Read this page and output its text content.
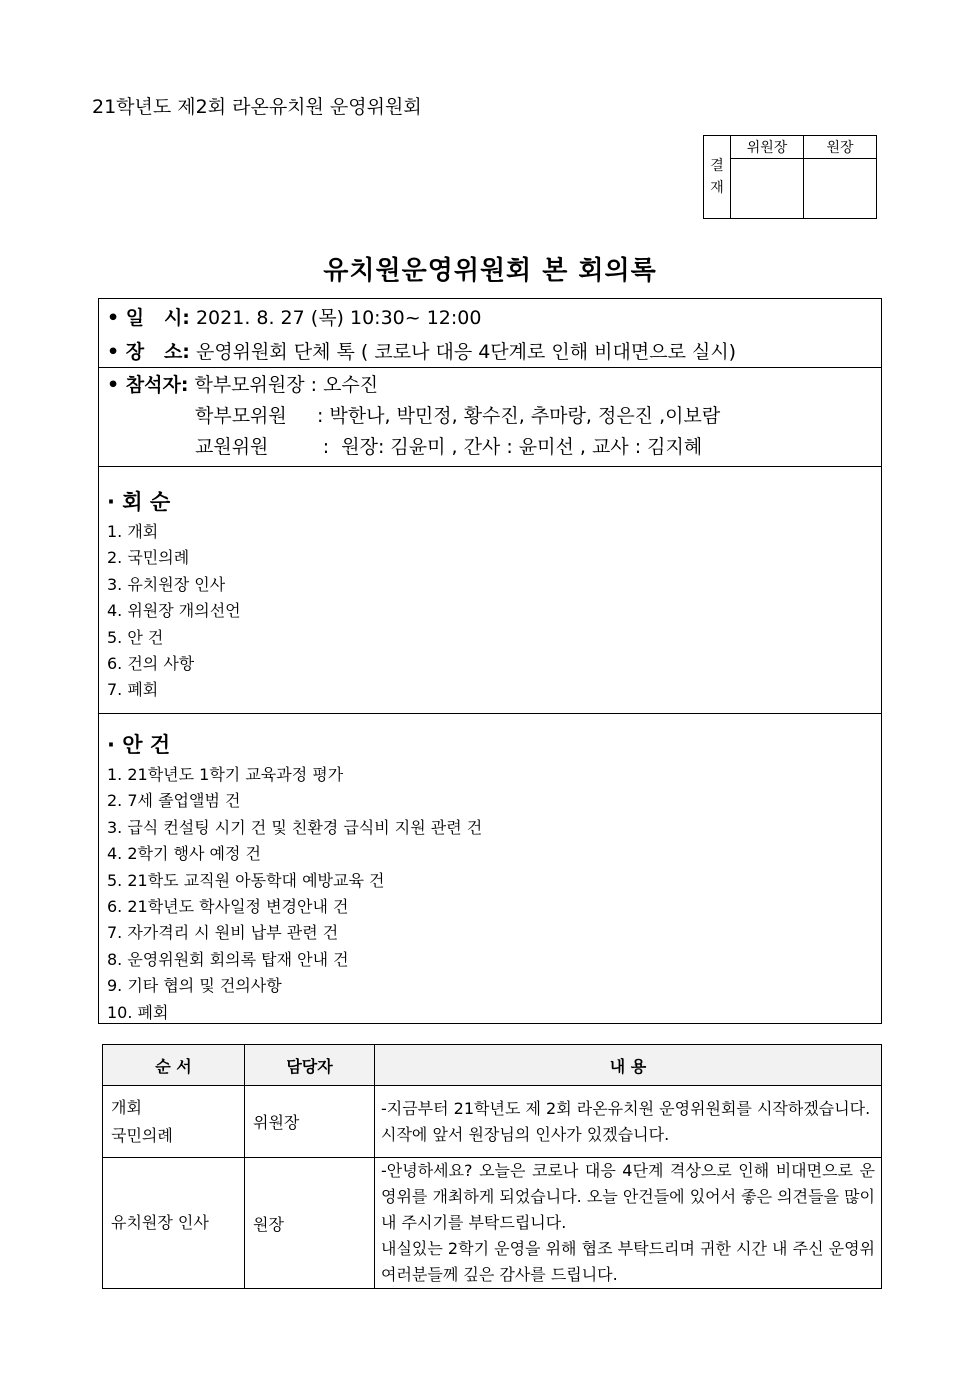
21학년도 제2회 라온유치원 운영위원회
결
재	위원장	원장

유치원운영위원회 본 회의록
• 일   시: 2021. 8. 27 (목) 10:30~ 12:00
• 장   소: 운영위원회 단체 톡 ( 코로나 대응 4단계로 인해 비대면으로 실시)
• 참석자: 학부모위원장 : 오수진
학부모위원     : 박한나, 박민정, 황수진, 추마랑, 정은진 ,이보람
교원위원         :  원장: 김윤미 , 간사 : 윤미선 , 교사 : 김지혜
· 회 순
1. 개회
2. 국민의례
3. 유치원장 인사
4. 위원장 개의선언
5. 안 건
6. 건의 사항
7. 폐회
· 안 건
1. 21학년도 1학기 교육과정 평가
2. 7세 졸업앨범 건
3. 급식 컨설팅 시기 건 및 친환경 급식비 지원 관련 건
4. 2학기 행사 예정 건
5. 21학도 교직원 아동학대 예방교육 건
6. 21학년도 학사일정 변경안내 건
7. 자가격리 시 원비 납부 관련 건
8. 운영위원회 회의록 탑재 안내 건
9. 기타 협의 및 건의사항
10. 폐회
순 서	담당자	내 용

개회
국민의례	위원장	-지금부터 21학년도 제 2회 라온유치원 운영위원회를 시작하겠습니다.
시작에 앞서 원장님의 인사가 있겠습니다.

유치원장 인사	원장	-안녕하세요? 오늘은 코로나 대응 4단계 격상으로 인해 비대면으로 운영위를 개최하게 되었습니다. 오늘 안건들에 있어서 좋은 의견들을 많이 내 주시기를 부탁드립니다.
내실있는 2학기 운영을 위해 협조 부탁드리며 귀한 시간 내 주신 운영위 여러분들께 깊은 감사를 드립니다.
